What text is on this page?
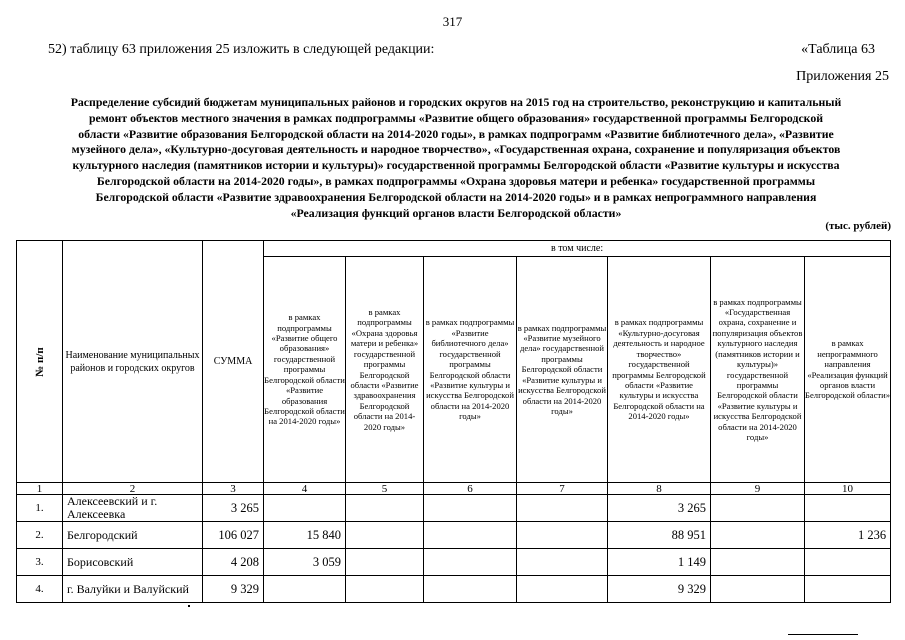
317
52) таблицу 63 приложения 25 изложить в следующей редакции:	«Таблица 63
Приложения 25
Распределение субсидий бюджетам муниципальных районов и городских округов на 2015 год на строительство, реконструкцию и капитальный
ремонт объектов местного значения в рамках подпрограммы «Развитие общего образования» государственной программы Белгородской
области «Развитие образования Белгородской области на 2014-2020 годы», в рамках подпрограмм «Развитие библиотечного дела», «Развитие
музейного дела», «Культурно-досуговая деятельность и народное творчество», «Государственная охрана, сохранение и популяризация объектов
культурного наследия (памятников истории и культуры)» государственной программы Белгородской области «Развитие культуры и искусства
Белгородской области на 2014-2020 годы», в рамках подпрограммы «Охрана здоровья матери и ребенка» государственной программы
Белгородской области «Развитие здравоохранения Белгородской области на 2014-2020 годы» и в рамках непрограммного направления
«Реализация функций органов власти Белгородской области»
(тыс. рублей)
№ п/п	Наименование муниципальных районов и городских округов	СУММА	в том числе:						
			в рамках подпрограммы «Развитие общего образования» государственной программы Белгородской области «Развитие образования Белгородской области на 2014-2020 годы»	в рамках подпрограммы «Охрана здоровья матери и ребенка» государственной программы Белгородской области «Развитие здравоохранения Белгородской области на 2014-2020 годы»	в рамках подпрограммы «Развитие библиотечного дела» государственной программы Белгородской области «Развитие культуры и искусства Белгородской области на 2014-2020 годы»	в рамках подпрограммы «Развитие музейного дела» государственной программы Белгородской области «Развитие культуры и искусства Белгородской области на 2014-2020 годы»	в рамках подпрограммы «Культурно-досуговая деятельность и народное творчество» государственной программы Белгородской области «Развитие культуры и искусства Белгородской области на 2014-2020 годы»	в рамках подпрограммы «Государственная охрана, сохранение и популяризация объектов культурного наследия (памятников истории и культуры)» государственной программы Белгородской области «Развитие культуры и искусства Белгородской области на 2014-2020 годы»	в рамках непрограммного направления «Реализация функций органов власти Белгородской области»
1	2	3	4	5	6	7	8	9	10
1.	Алексеевский и г. Алексеевка	3 265					3 265		
2.	Белгородский	106 027	15 840				88 951		1 236
3.	Борисовский	4 208	3 059				1 149		
4.	г. Валуйки и Валуйский	9 329					9 329		
